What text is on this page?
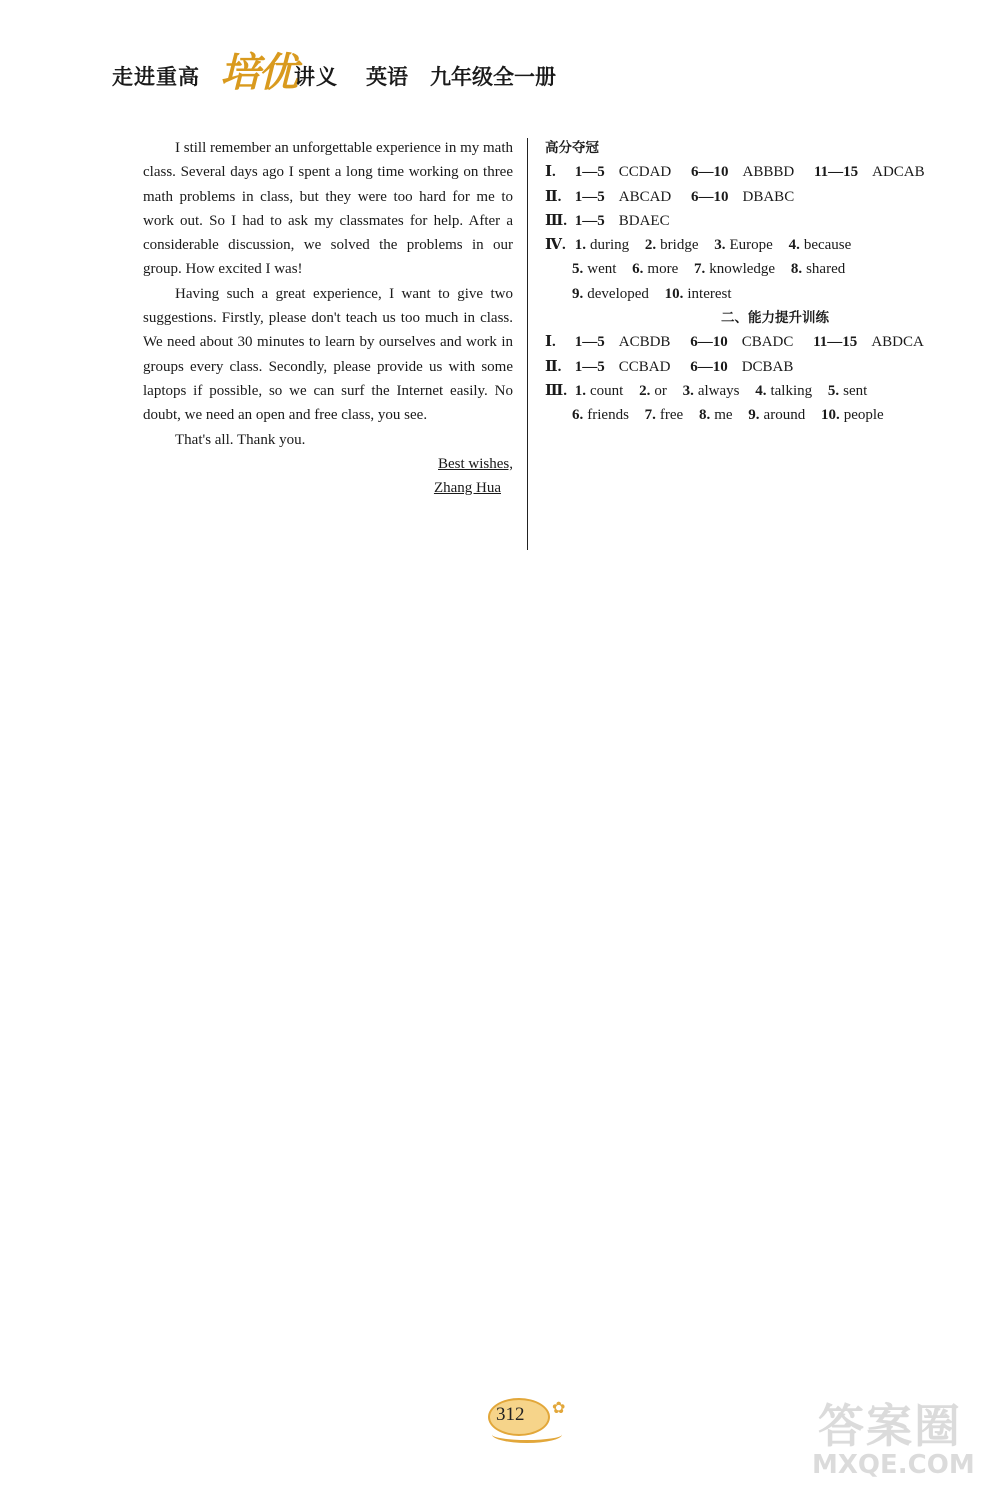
走进重高 培优
讲义 英语 九年级全一册

I still remember an unforgettable experience in my math class. Several days ago I spent a long time working on three math problems in class, but they were too hard for me to work out. So I had to ask my classmates for help. After a considerable discussion, we solved the problems in our group. How excited I was!

Having such a great experience, I want to give two suggestions. Firstly, please don't teach us too much in class. We need about 30 minutes to learn by ourselves and work in groups every class. Secondly, please provide us with some laptops if possible, so we can surf the Internet easily. No doubt, we need an open and free class, you see.

That's all. Thank you.

Best wishes,
Zhang Hua
高分夺冠
Ⅰ. 1—5 CCDAD 6—10 ABBBD 11—15 ADCAB
Ⅱ. 1—5 ABCAD 6—10 DBABC
Ⅲ. 1—5 BDAEC
Ⅳ. 1. during 2. bridge 3. Europe 4. because
5. went 6. more 7. knowledge 8. shared
9. developed 10. interest
二、能力提升训练
Ⅰ. 1—5 ACBDB 6—10 CBADC 11—15 ABDCA
Ⅱ. 1—5 CCBAD 6—10 DCBAB
Ⅲ. 1. count 2. or 3. always 4. talking 5. sent
6. friends 7. free 8. me 9. around 10. people
312 ✿	答案圈
MXQE.COM
